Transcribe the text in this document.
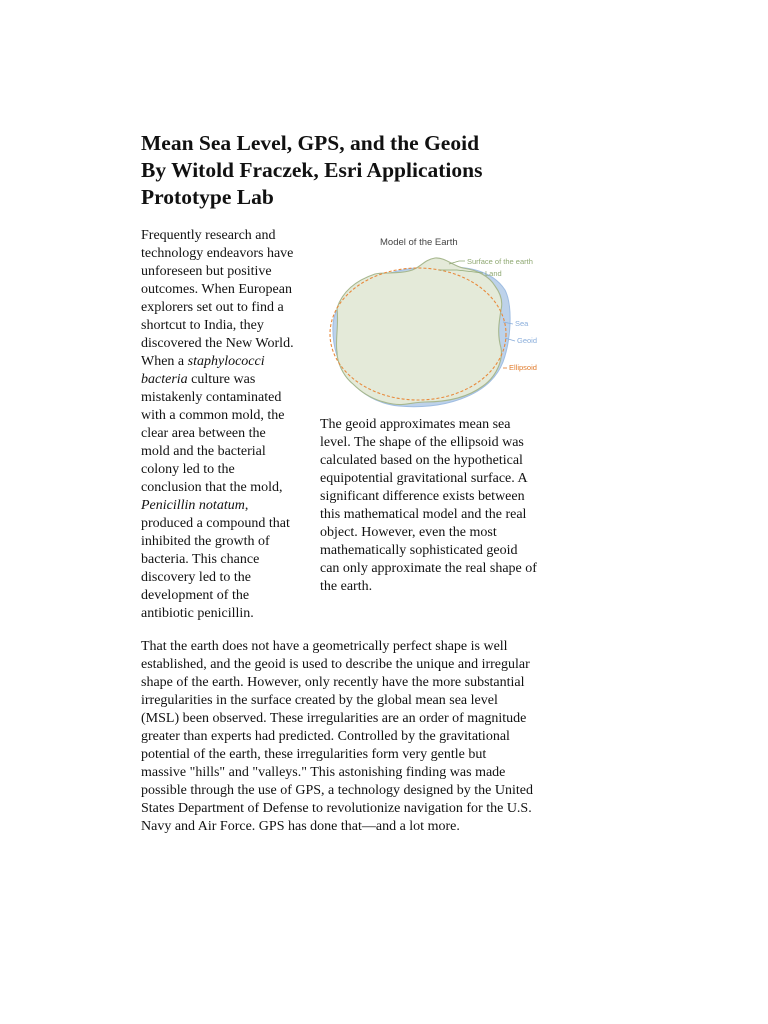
Mean Sea Level, GPS, and the Geoid
By Witold Fraczek, Esri Applications
Prototype Lab

Frequently research and
technology endeavors have
unforeseen but positive
outcomes. When European
explorers set out to find a
shortcut to India, they
discovered the New World.
When a staphylococci
bacteria culture was
mistakenly contaminated
with a common mold, the
clear area between the
mold and the bacterial
colony led to the
conclusion that the mold,
Penicillin notatum,
produced a compound that
inhibited the growth of
bacteria. This chance
discovery led to the
development of the
antibiotic penicillin.

Model of the Earth
Surface of the earth
Land
Sea
Geoid
Ellipsoid

The geoid approximates mean sea
level. The shape of the ellipsoid was
calculated based on the hypothetical
equipotential gravitational surface. A
significant difference exists between
this mathematical model and the real
object. However, even the most
mathematically sophisticated geoid
can only approximate the real shape of
the earth.

That the earth does not have a geometrically perfect shape is well
established, and the geoid is used to describe the unique and irregular
shape of the earth. However, only recently have the more substantial
irregularities in the surface created by the global mean sea level
(MSL) been observed. These irregularities are an order of magnitude
greater than experts had predicted. Controlled by the gravitational
potential of the earth, these irregularities form very gentle but
massive "hills" and "valleys." This astonishing finding was made
possible through the use of GPS, a technology designed by the United
States Department of Defense to revolutionize navigation for the U.S.
Navy and Air Force. GPS has done that—and a lot more.
